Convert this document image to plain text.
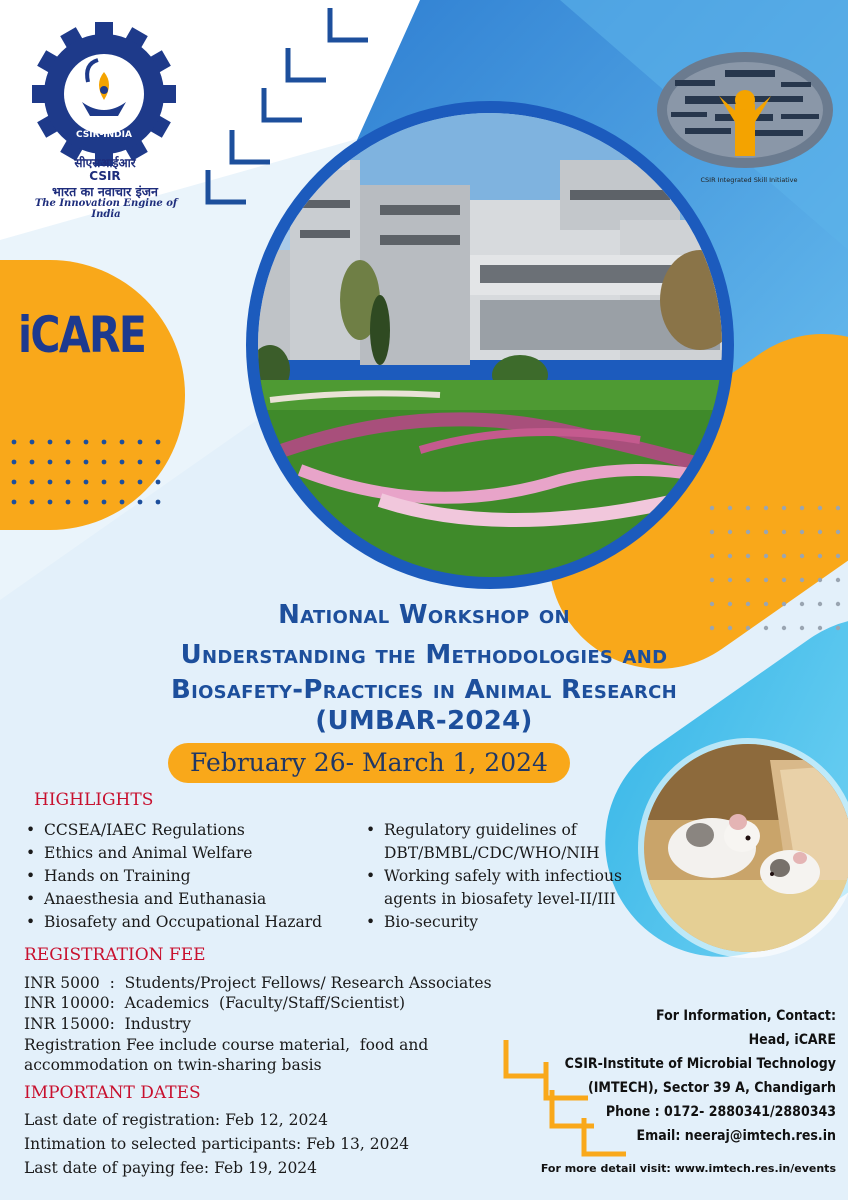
CSIR-INDIA
सीएसआईआर
CSIR
भारत का नवाचार इंजन
The Innovation Engine of India
iCARE
CSIR Integrated Skill Initiative
National Workshop on
Understanding the Methodologies and
Biosafety-Practices in Animal Research
(UMBAR-2024)
February 26- March 1, 2024
HIGHLIGHTS
• CCSEA/IAEC Regulations
• Ethics and Animal Welfare
• Hands on Training
• Anaesthesia and Euthanasia
• Biosafety and Occupational Hazard
• Regulatory guidelines of DBT/BMBL/CDC/WHO/NIH
• Working safely with infectious agents in biosafety level-II/III
• Bio-security
REGISTRATION FEE
INR 5000  :  Students/Project Fellows/ Research Associates
INR 10000:  Academics  (Faculty/Staff/Scientist)
INR 15000:  Industry
Registration Fee include course material,  food and
accommodation on twin-sharing basis
IMPORTANT DATES
Last date of registration: Feb 12, 2024
Intimation to selected participants: Feb 13, 2024
Last date of paying fee: Feb 19, 2024
For Information, Contact:
Head, iCARE
CSIR-Institute of Microbial Technology
(IMTECH), Sector 39 A, Chandigarh
Phone : 0172- 2880341/2880343
Email: neeraj@imtech.res.in
For more detail visit: www.imtech.res.in/events
